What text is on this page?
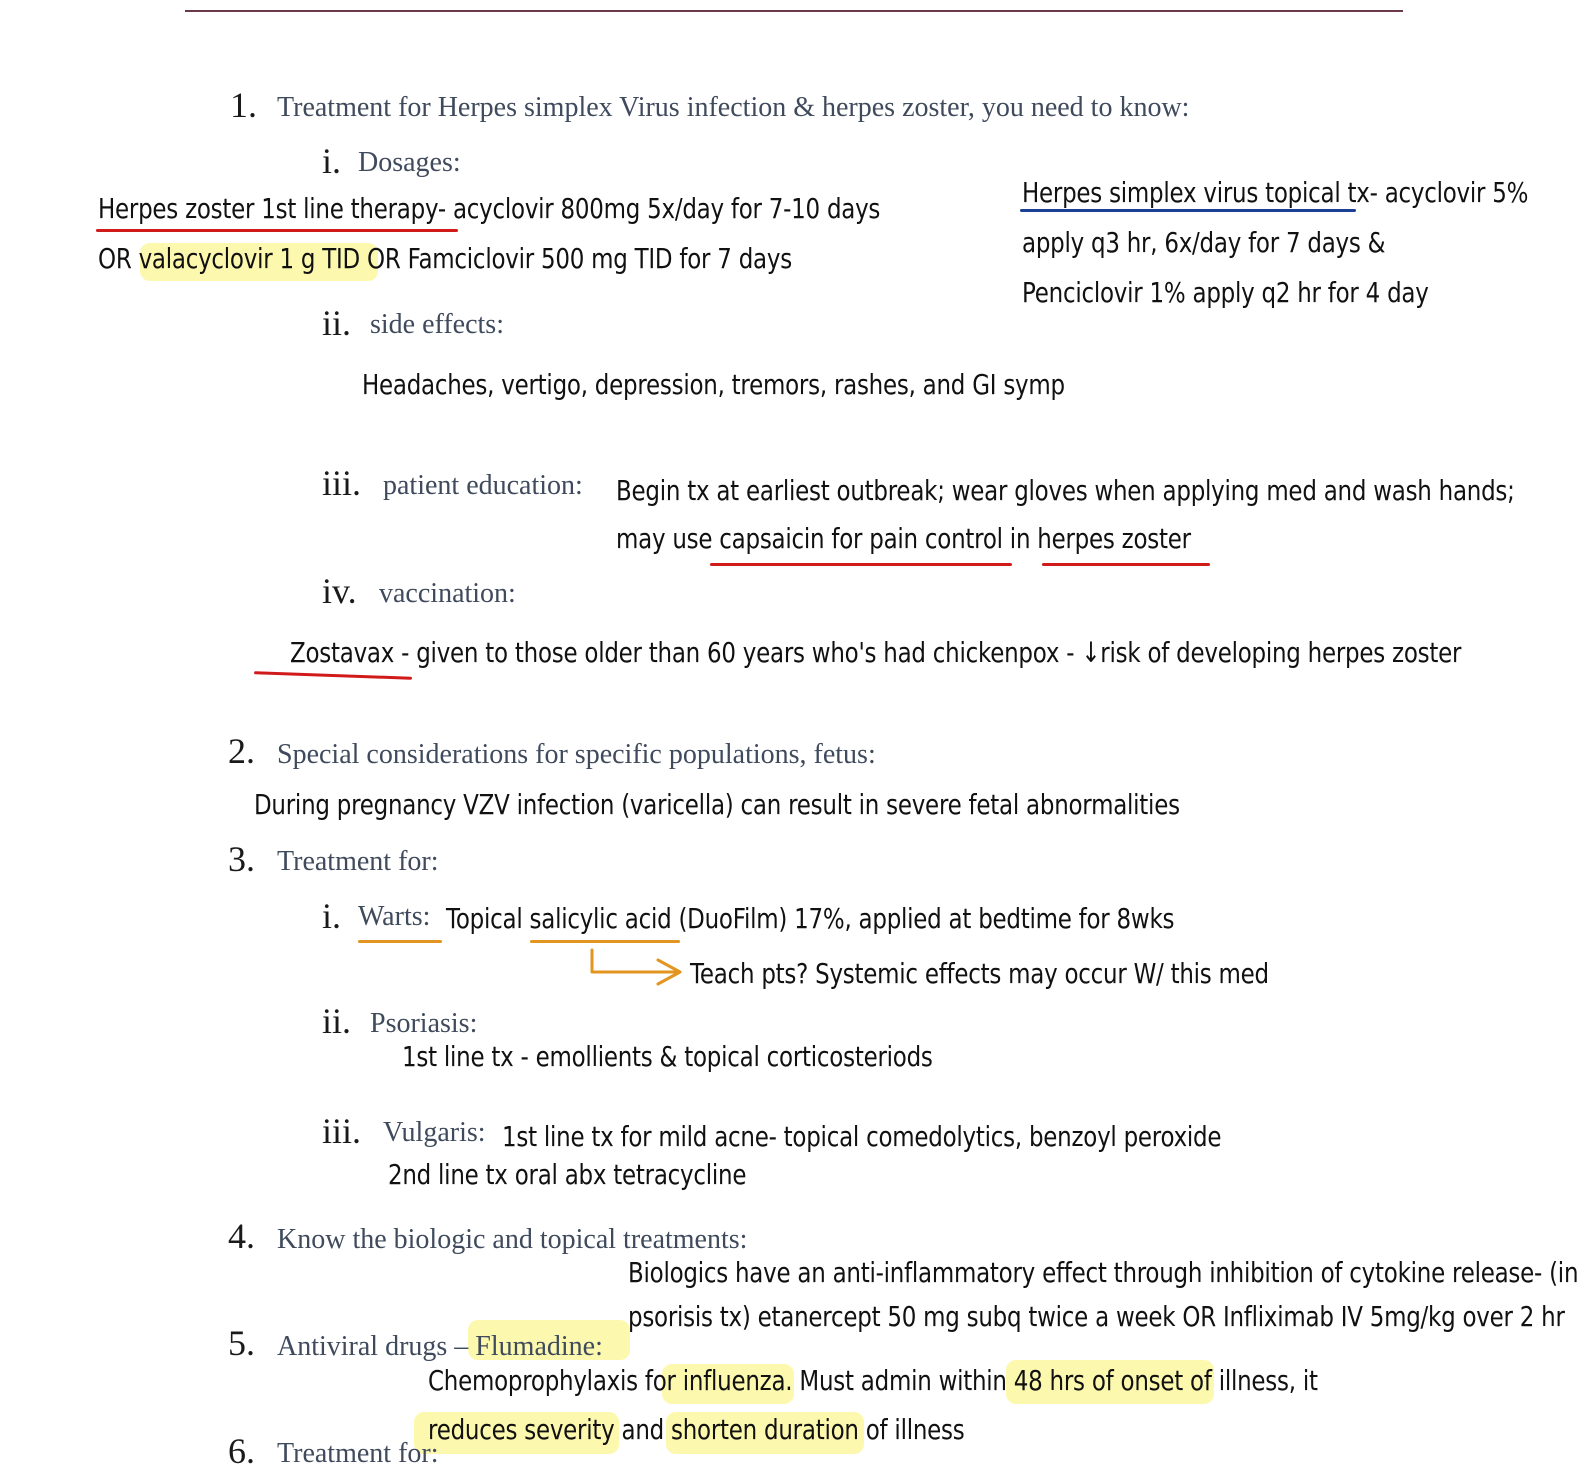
1. Treatment for Herpes simplex Virus infection & herpes zoster, you need to know:
i. Dosages:
Herpes zoster 1st line therapy- acyclovir 800mg 5x/day for 7-10 days
OR valacyclovir 1 g TID OR Famciclovir 500 mg TID for 7 days
Herpes simplex virus topical tx- acyclovir 5%
apply q3 hr, 6x/day for 7 days &
Penciclovir 1% apply q2 hr for 4 day
ii. side effects:
Headaches, vertigo, depression, tremors, rashes, and GI symp
iii. patient education: Begin tx at earliest outbreak; wear gloves when applying med and wash hands;
may use capsaicin for pain control in herpes zoster
iv. vaccination:
Zostavax - given to those older than 60 years who's had chickenpox - ↓risk of developing herpes zoster
2. Special considerations for specific populations, fetus:
During pregnancy VZV infection (varicella) can result in severe fetal abnormalities
3. Treatment for:
i. Warts: Topical salicylic acid (DuoFilm) 17%, applied at bedtime for 8wks
Teach pts? Systemic effects may occur W/ this med
ii. Psoriasis:
1st line tx - emollients & topical corticosteriods
iii. Vulgaris: 1st line tx for mild acne- topical comedolytics, benzoyl peroxide
2nd line tx oral abx tetracycline
4. Know the biologic and topical treatments:
Biologics have an anti-inflammatory effect through inhibition of cytokine release- (in
psorisis tx) etanercept 50 mg subq twice a week OR Infliximab IV 5mg/kg over 2 hr
5. Antiviral drugs – Flumadine:
Chemoprophylaxis for influenza. Must admin within 48 hrs of onset of illness, it
reduces severity and shorten duration of illness
6. Treatment for:
